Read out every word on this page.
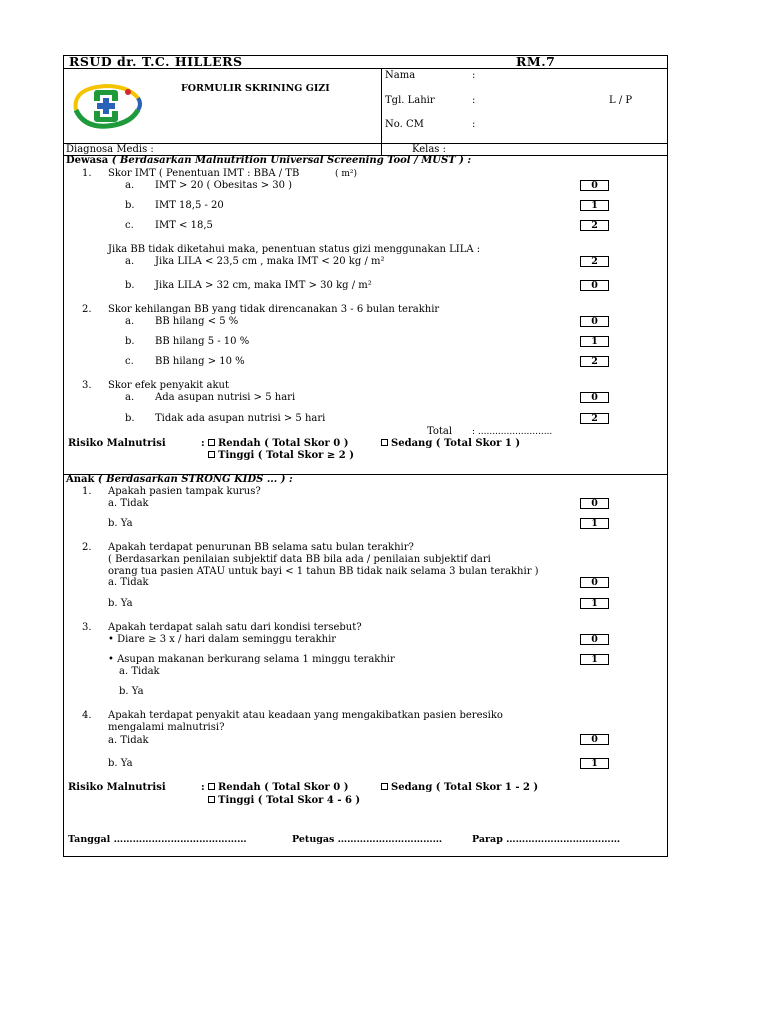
RSUD dr. T.C. HILLERS	RM.7
FORMULIR SKRINING GIZI
Nama	:
Tgl. Lahir	:	L / P
No. CM	:
Diagnosa Medis :	Kelas :
Dewasa ( Berdasarkan Malnutrition Universal Screening Tool / MUST ) :
1. Skor IMT ( Penentuan IMT : BBA / TB	( m²)
a. IMT > 20 ( Obesitas > 30 )	0
b. IMT 18,5 - 20	1
c. IMT < 18,5	2
Jika BB tidak diketahui maka, penentuan status gizi menggunakan LILA :
a. Jika LILA < 23,5 cm , maka IMT < 20 kg / m²	2
b. Jika LILA > 32 cm, maka IMT > 30 kg / m²	0
2. Skor kehilangan BB yang tidak direncanakan 3 - 6 bulan terakhir
a. BB hilang < 5 %	0
b. BB hilang 5 - 10 %	1
c. BB hilang > 10 %	2
3. Skor efek penyakit akut
a. Ada asupan nutrisi > 5 hari	0
b. Tidak ada asupan nutrisi > 5 hari	2
Total : ..........................
Risiko Malnutrisi	:	Rendah ( Total Skor 0 )	Sedang ( Total Skor 1 )
Tinggi ( Total Skor ≥ 2 )
Anak ( Berdasarkan STRONG KIDS ... ) :
1. Apakah pasien tampak kurus?
a. Tidak	0
b. Ya	1
2. Apakah terdapat penurunan BB selama satu bulan terakhir?
( Berdasarkan penilaian subjektif data BB bila ada / penilaian subjektif dari
orang tua pasien ATAU untuk bayi < 1 tahun BB tidak naik selama 3 bulan terakhir )
a. Tidak	0
b. Ya	1
3. Apakah terdapat salah satu dari kondisi tersebut?
• Diare ≥ 3 x / hari dalam seminggu terakhir	0
• Asupan makanan berkurang selama 1 minggu terakhir	1
a. Tidak
b. Ya
4. Apakah terdapat penyakit atau keadaan yang mengakibatkan pasien beresiko
mengalami malnutrisi?
a. Tidak	0
b. Ya	1
Risiko Malnutrisi	:	Rendah ( Total Skor 0 )	Sedang ( Total Skor 1 - 2 )
Tinggi ( Total Skor 4 - 6 )
Tanggal ……………………………………	Petugas ……………………………	Parap ………………………………
